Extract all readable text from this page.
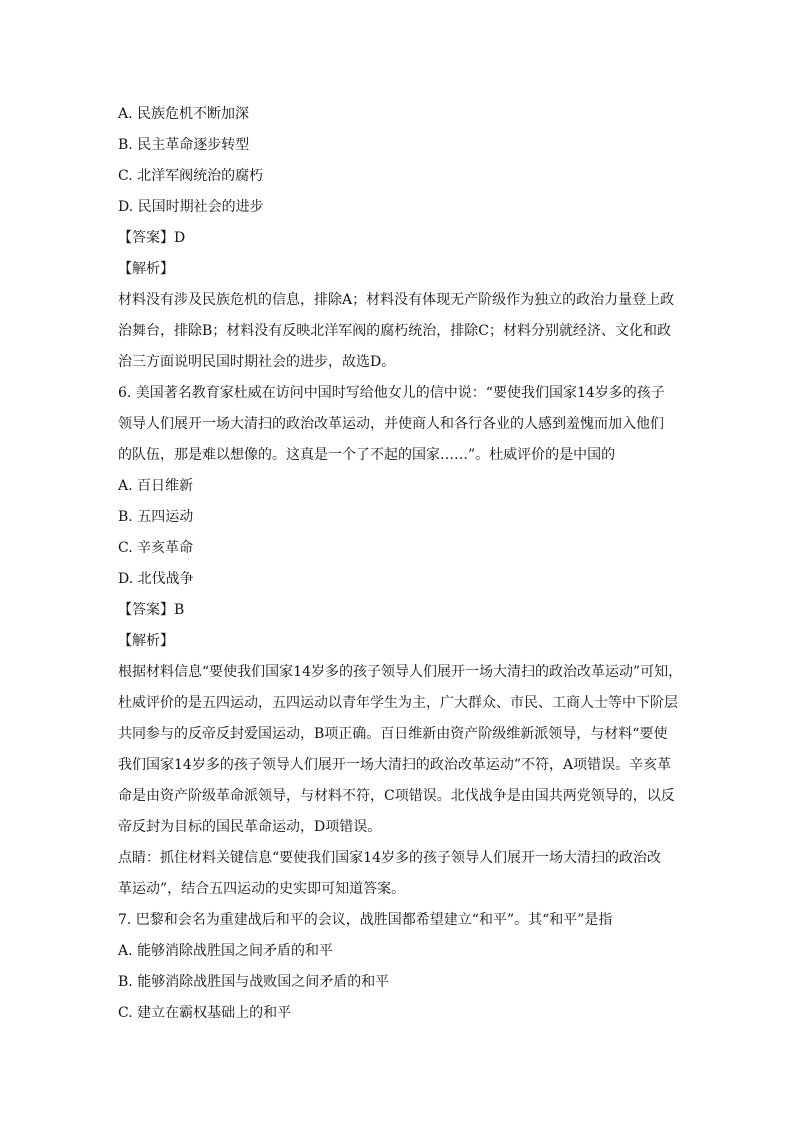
A. 民族危机不断加深
B. 民主革命逐步转型
C. 北洋军阀统治的腐朽
D. 民国时期社会的进步
【答案】D
【解析】
材料没有涉及民族危机的信息，排除A；材料没有体现无产阶级作为独立的政治力量登上政
治舞台，排除B；材料没有反映北洋军阀的腐朽统治，排除C；材料分别就经济、文化和政
治三方面说明民国时期社会的进步，故选D。
6. 美国著名教育家杜威在访问中国时写给他女儿的信中说：“要使我们国家14岁多的孩子
领导人们展开一场大清扫的政治改革运动，并使商人和各行各业的人感到羞愧而加入他们
的队伍，那是难以想像的。这真是一个了不起的国家……”。杜威评价的是中国的
A. 百日维新
B. 五四运动
C. 辛亥革命
D. 北伐战争
【答案】B
【解析】
根据材料信息“要使我们国家14岁多的孩子领导人们展开一场大清扫的政治改革运动”可知，
杜威评价的是五四运动，五四运动以青年学生为主，广大群众、市民、工商人士等中下阶层
共同参与的反帝反封爱国运动，B项正确。百日维新由资产阶级维新派领导，与材料“要使
我们国家14岁多的孩子领导人们展开一场大清扫的政治改革运动”不符，A项错误。辛亥革
命是由资产阶级革命派领导，与材料不符，C项错误。北伐战争是由国共两党领导的，以反
帝反封为目标的国民革命运动，D项错误。
点睛：抓住材料关键信息“要使我们国家14岁多的孩子领导人们展开一场大清扫的政治改
革运动”，结合五四运动的史实即可知道答案。
7. 巴黎和会名为重建战后和平的会议，战胜国都希望建立“和平”。其“和平”是指
A. 能够消除战胜国之间矛盾的和平
B. 能够消除战胜国与战败国之间矛盾的和平
C. 建立在霸权基础上的和平
